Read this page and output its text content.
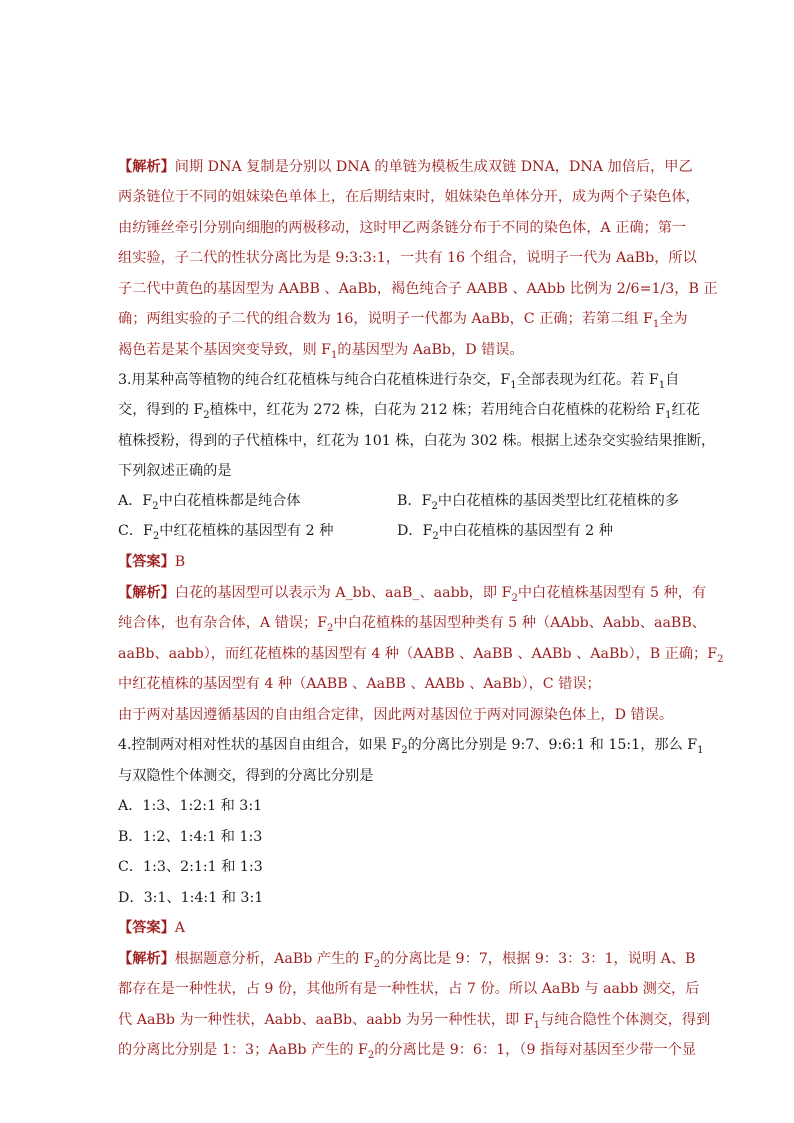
【解析】间期 DNA 复制是分别以 DNA 的单链为模板生成双链 DNA，DNA 加倍后，甲乙
两条链位于不同的姐妹染色单体上，在后期结束时，姐妹染色单体分开，成为两个子染色体，
由纺锤丝牵引分别向细胞的两极移动，这时甲乙两条链分布于不同的染色体，A 正确；第一
组实验，子二代的性状分离比为是 9:3:3:1，一共有 16 个组合，说明子一代为 AaBb，所以
子二代中黄色的基因型为 AABB 、AaBb，褐色纯合子 AABB 、AAbb 比例为 2/6=1/3，B 正
确；两组实验的子二代的组合数为 16，说明子一代都为 AaBb，C 正确；若第二组 $F_1$全为
褐色若是某个基因突变导致，则 $F_1$的基因型为 AaBb，D 错误。
3.用某种高等植物的纯合红花植株与纯合白花植株进行杂交，$F_1$全部表现为红花。若 $F_1$自
交，得到的 $F_2$植株中，红花为 272 株，白花为 212 株；若用纯合白花植株的花粉给 $F_1$红花
植株授粉，得到的子代植株中，红花为 101 株，白花为 302 株。根据上述杂交实验结果推断，
下列叙述正确的是
A．$F_2$中白花植株都是纯合体	B．$F_2$中白花植株的基因类型比红花植株的多
C．$F_2$中红花植株的基因型有 2 种	D．$F_2$中白花植株的基因型有 2 种
【答案】B
【解析】白花的基因型可以表示为 A_bb、aaB_、aabb，即 $F_2$中白花植株基因型有 5 种，有
纯合体，也有杂合体，A 错误；$F_2$中白花植株的基因型种类有 5 种（AAbb、Aabb、aaBB、
aaBb、aabb），而红花植株的基因型有 4 种（AABB 、AaBB 、AABb 、AaBb），B 正确；$F_2$
中红花植株的基因型有 4 种（AABB 、AaBB 、AABb 、AaBb），C 错误；
由于两对基因遵循基因的自由组合定律，因此两对基因位于两对同源染色体上，D 错误。
4.控制两对相对性状的基因自由组合，如果 $F_2$的分离比分别是 9:7、9:6:1 和 15:1，那么 $F_1$
与双隐性个体测交，得到的分离比分别是
A．1:3、1:2:1 和 3:1
B．1:2、1:4:1 和 1:3
C．1:3、2:1:1 和 1:3
D．3:1、1:4:1 和 3:1
【答案】A
【解析】根据题意分析，AaBb 产生的 $F_2$的分离比是 9：7，根据 9：3：3：1，说明 A、B
都存在是一种性状，占 9 份，其他所有是一种性状，占 7 份。所以 AaBb 与 aabb 测交，后
代 AaBb 为一种性状，Aabb、aaBb、aabb 为另一种性状，即 $F_1$与纯合隐性个体测交，得到
的分离比分别是 1：3；AaBb 产生的 $F_2$的分离比是 9：6：1，（9 指每对基因至少带一个显
